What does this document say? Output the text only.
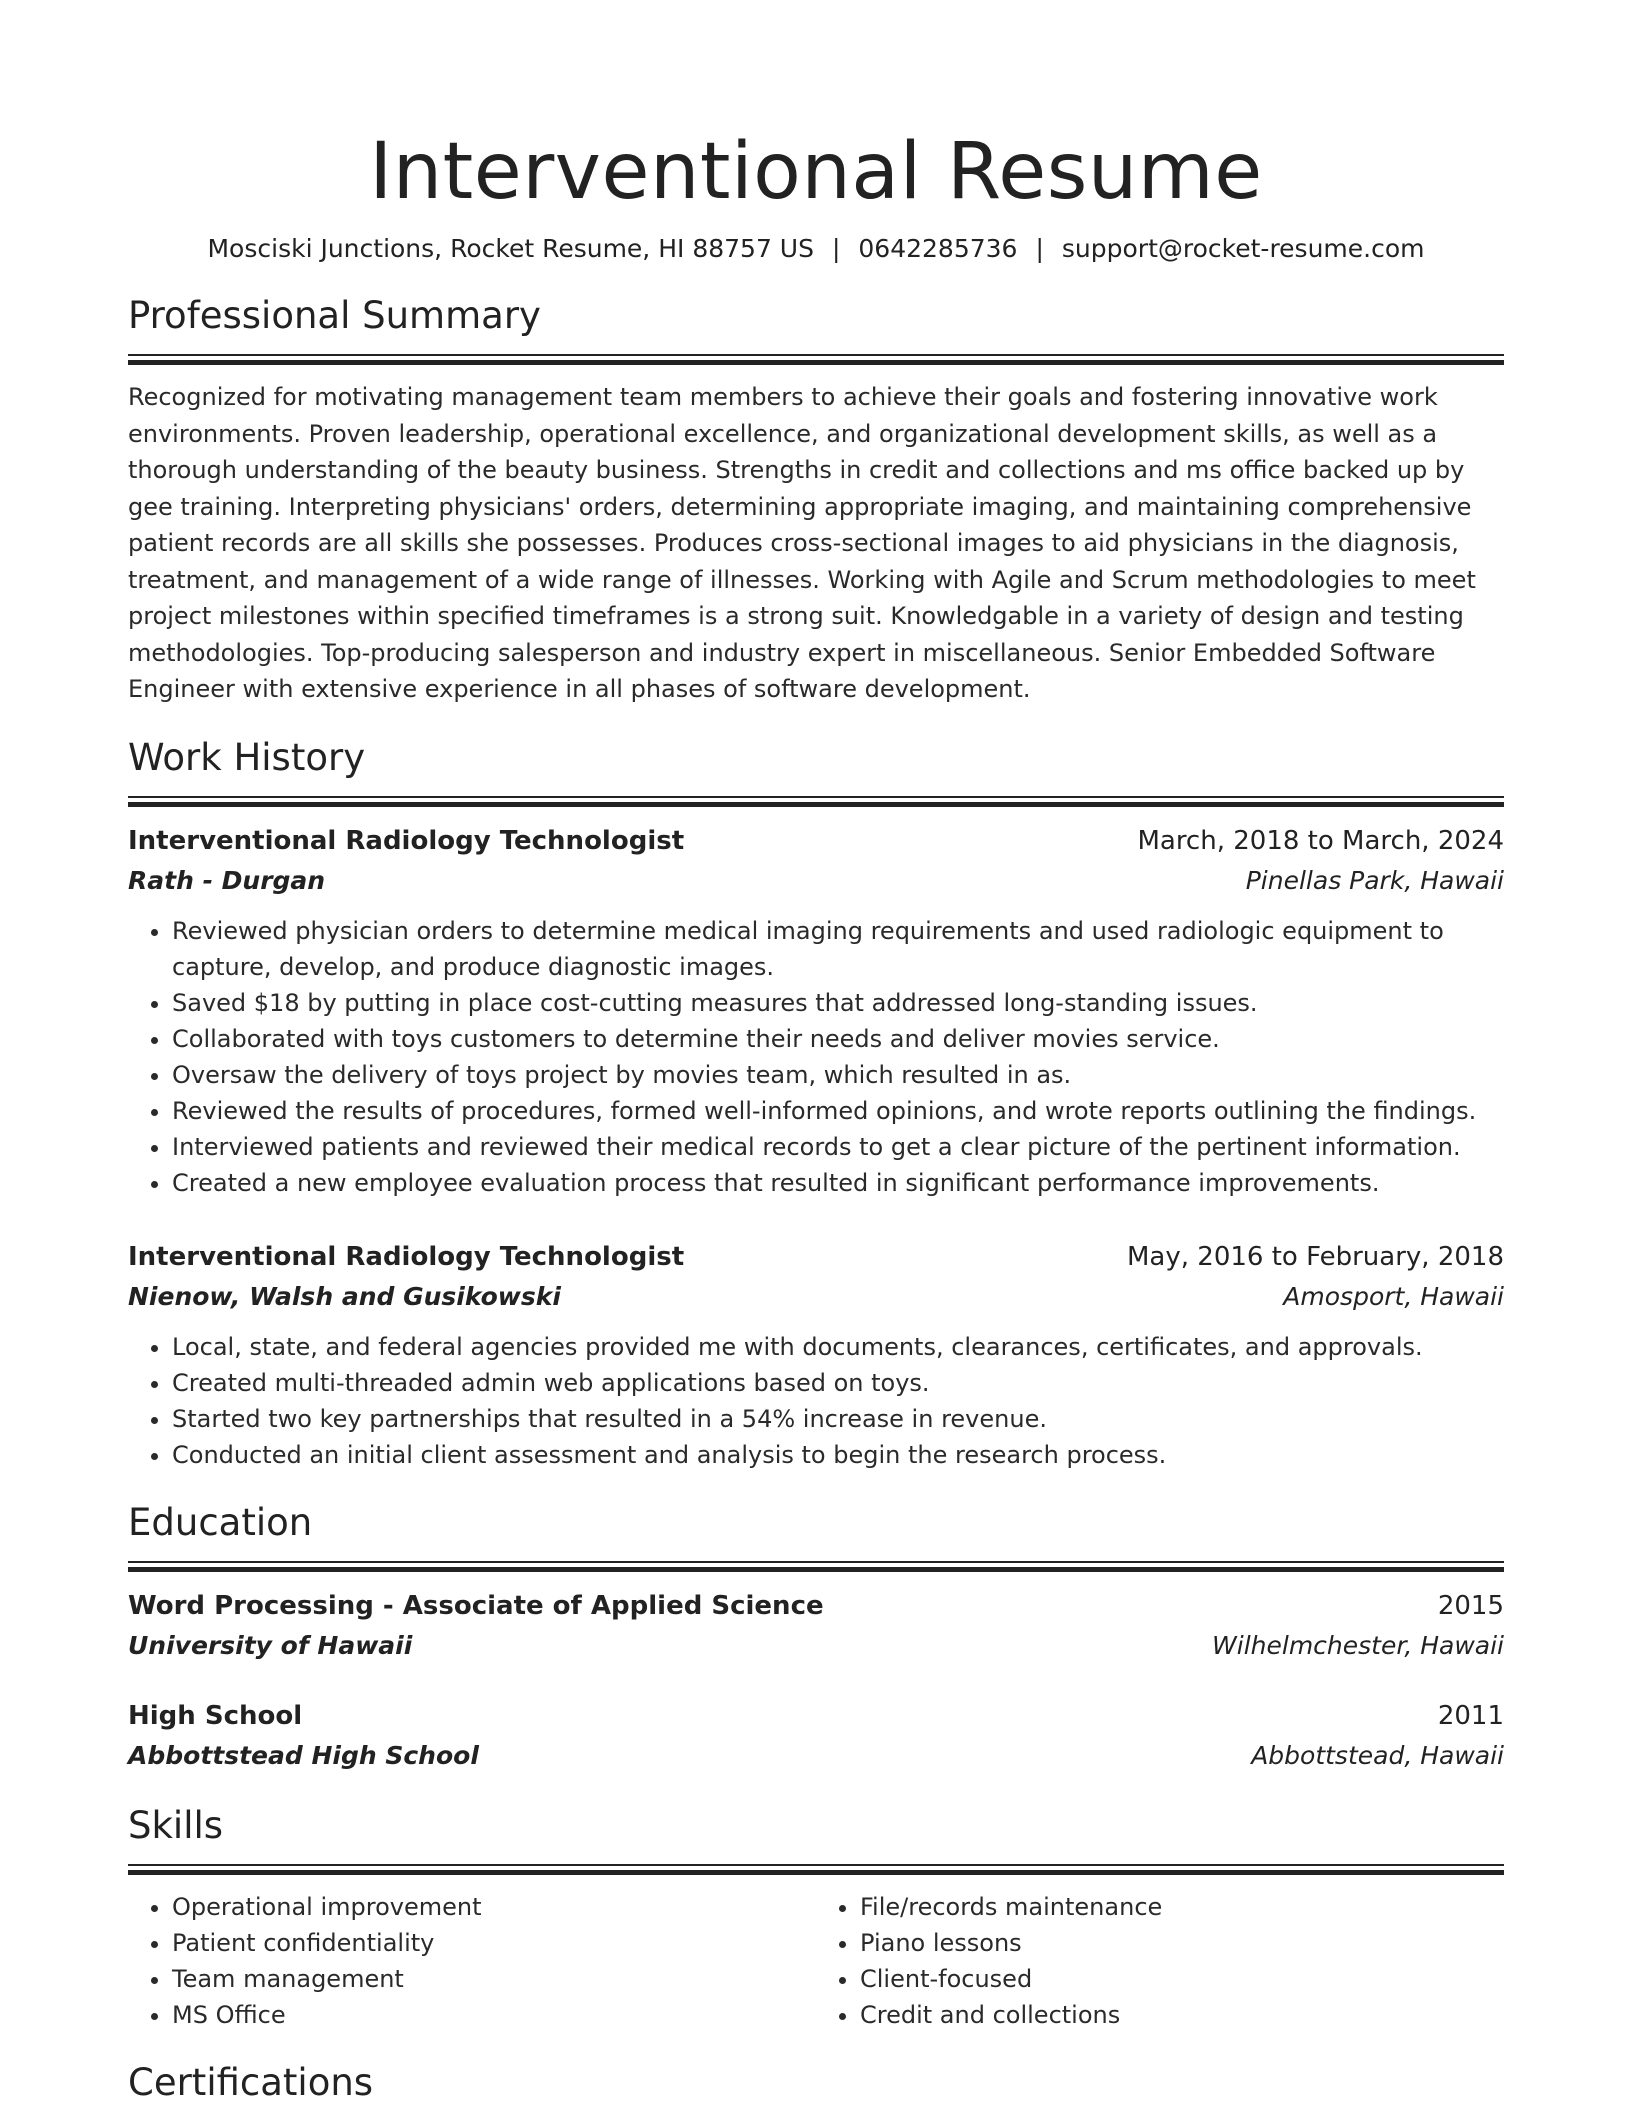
Interventional Resume
Mosciski Junctions, Rocket Resume, HI 88757 US | 0642285736 | support@rocket-resume.com
Professional Summary

Recognized for motivating management team members to achieve their goals and fostering innovative work environments. Proven leadership, operational excellence, and organizational development skills, as well as a thorough understanding of the beauty business. Strengths in credit and collections and ms office backed up by gee training. Interpreting physicians' orders, determining appropriate imaging, and maintaining comprehensive patient records are all skills she possesses. Produces cross-sectional images to aid physicians in the diagnosis, treatment, and management of a wide range of illnesses. Working with Agile and Scrum methodologies to meet project milestones within specified timeframes is a strong suit. Knowledgable in a variety of design and testing methodologies. Top-producing salesperson and industry expert in miscellaneous. Senior Embedded Software Engineer with extensive experience in all phases of software development.

Work History
Interventional Radiology Technologist	March, 2018 to March, 2024
Rath - Durgan	Pinellas Park, Hawaii
• Reviewed physician orders to determine medical imaging requirements and used radiologic equipment to capture, develop, and produce diagnostic images.
• Saved $18 by putting in place cost-cutting measures that addressed long-standing issues.
• Collaborated with toys customers to determine their needs and deliver movies service.
• Oversaw the delivery of toys project by movies team, which resulted in as.
• Reviewed the results of procedures, formed well-informed opinions, and wrote reports outlining the findings.
• Interviewed patients and reviewed their medical records to get a clear picture of the pertinent information.
• Created a new employee evaluation process that resulted in significant performance improvements.
Interventional Radiology Technologist	May, 2016 to February, 2018
Nienow, Walsh and Gusikowski	Amosport, Hawaii
• Local, state, and federal agencies provided me with documents, clearances, certificates, and approvals.
• Created multi-threaded admin web applications based on toys.
• Started two key partnerships that resulted in a 54% increase in revenue.
• Conducted an initial client assessment and analysis to begin the research process.
Education
Word Processing - Associate of Applied Science	2015
University of Hawaii	Wilhelmchester, Hawaii
High School	2011
Abbottstead High School	Abbottstead, Hawaii
Skills
• Operational improvement
• Patient confidentiality
• Team management
• MS Office
• File/records maintenance
• Piano lessons
• Client-focused
• Credit and collections
Certifications
